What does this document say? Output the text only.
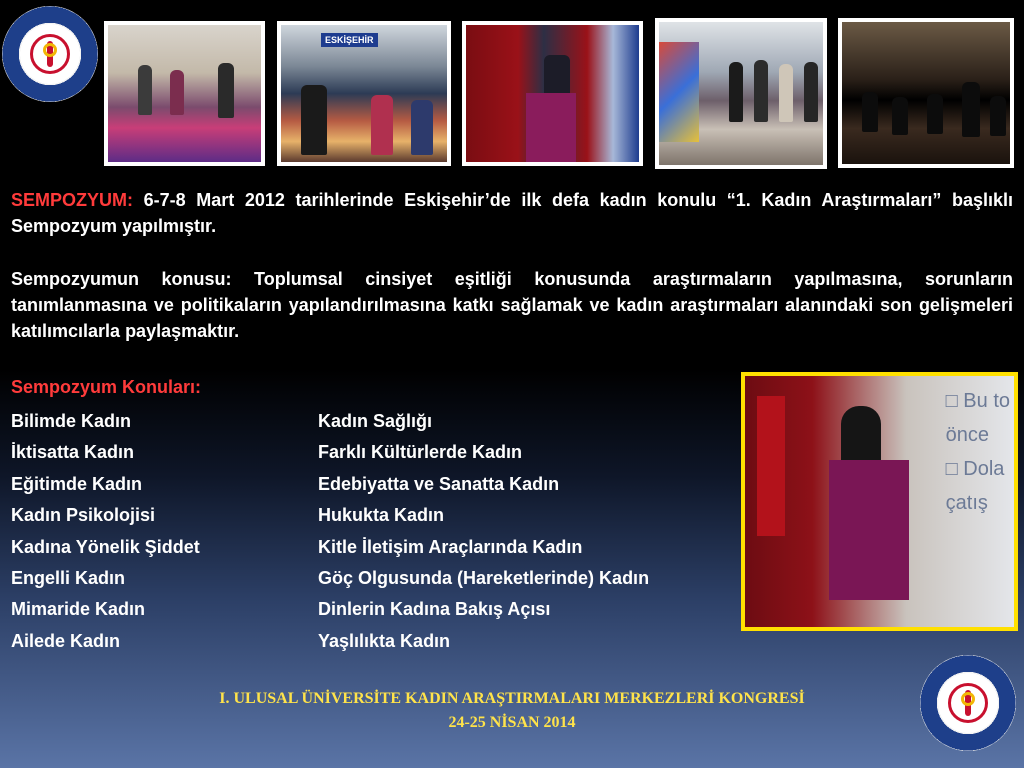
ESKİŞEHİR
SEMPOZYUM: 6-7-8 Mart 2012 tarihlerinde Eskişehir’de ilk defa kadın konulu “1. Kadın Araştırmaları” başlıklı Sempozyum yapılmıştır.
Sempozyumun konusu: Toplumsal cinsiyet eşitliği konusunda araştırmaların yapılmasına, sorunların tanımlanmasına ve politikaların yapılandırılmasına katkı sağlamak ve kadın araştırmaları alanındaki son gelişmeleri katılımcılarla paylaşmaktır.
Sempozyum Konuları:
Bilimde Kadın
İktisatta Kadın
Eğitimde Kadın
Kadın Psikolojisi
Kadına Yönelik Şiddet
Engelli Kadın
Mimaride Kadın
Ailede Kadın
Kadın Sağlığı
Farklı Kültürlerde Kadın
Edebiyatta ve Sanatta Kadın
Hukukta Kadın
Kitle İletişim Araçlarında Kadın
Göç Olgusunda (Hareketlerinde) Kadın
Dinlerin Kadına Bakış Açısı
Yaşlılıkta Kadın
□ Bu to
önce
□ Dola
çatış
I. ULUSAL ÜNİVERSİTE KADIN ARAŞTIRMALARI MERKEZLERİ KONGRESİ
24-25 NİSAN 2014
